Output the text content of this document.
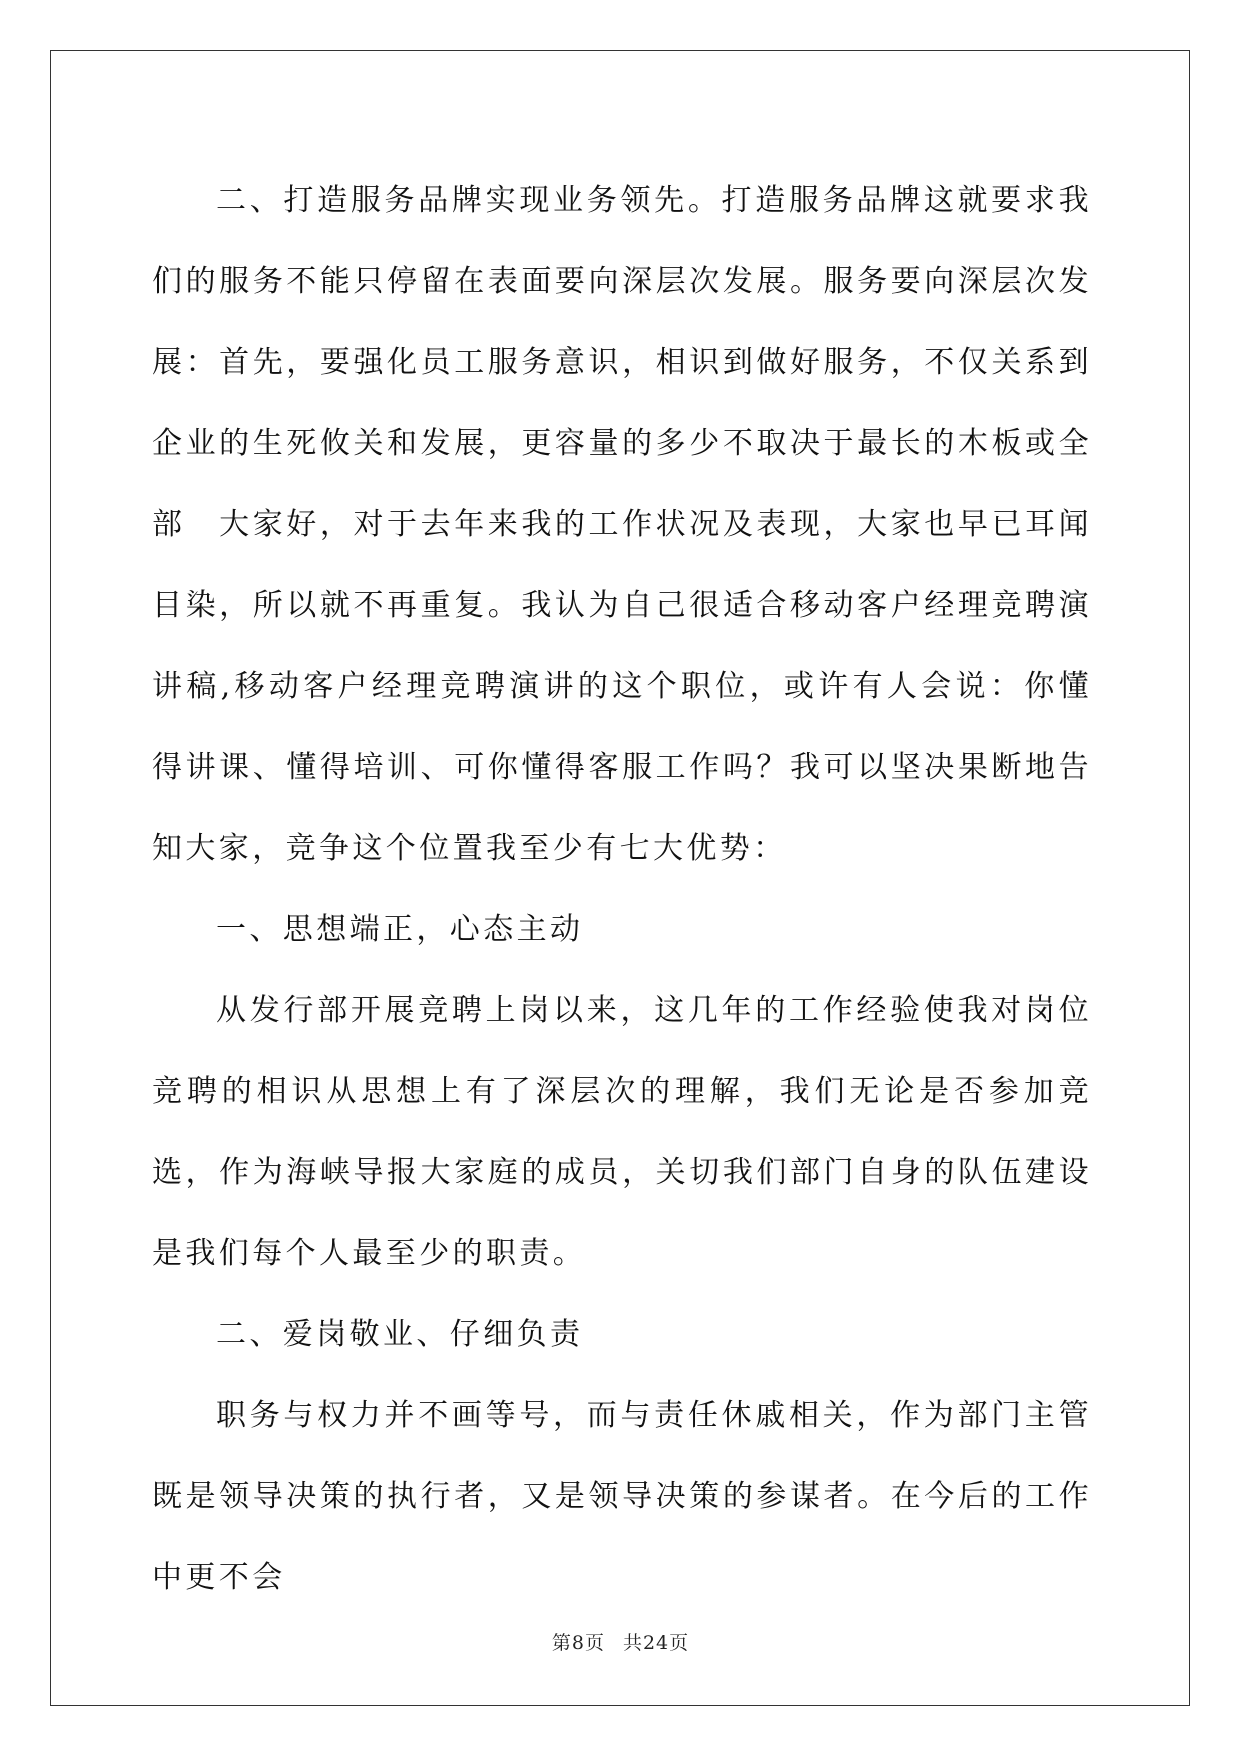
二、打造服务品牌实现业务领先。打造服务品牌这就要求我们的服务不能只停留在表面要向深层次发展。服务要向深层次发展：首先，要强化员工服务意识，相识到做好服务，不仅关系到企业的生死攸关和发展，更容量的多少不取决于最长的木板或全部　大家好，对于去年来我的工作状况及表现，大家也早已耳闻目染，所以就不再重复。我认为自己很适合移动客户经理竞聘演讲稿,移动客户经理竞聘演讲的这个职位，或许有人会说：你懂得讲课、懂得培训、可你懂得客服工作吗？我可以坚决果断地告知大家，竞争这个位置我至少有七大优势：

一、思想端正，心态主动

从发行部开展竞聘上岗以来，这几年的工作经验使我对岗位竞聘的相识从思想上有了深层次的理解，我们无论是否参加竞选，作为海峡导报大家庭的成员，关切我们部门自身的队伍建设是我们每个人最至少的职责。

二、爱岗敬业、仔细负责

职务与权力并不画等号，而与责任休戚相关，作为部门主管既是领导决策的执行者，又是领导决策的参谋者。在今后的工作中更不会

第8页 共24页
